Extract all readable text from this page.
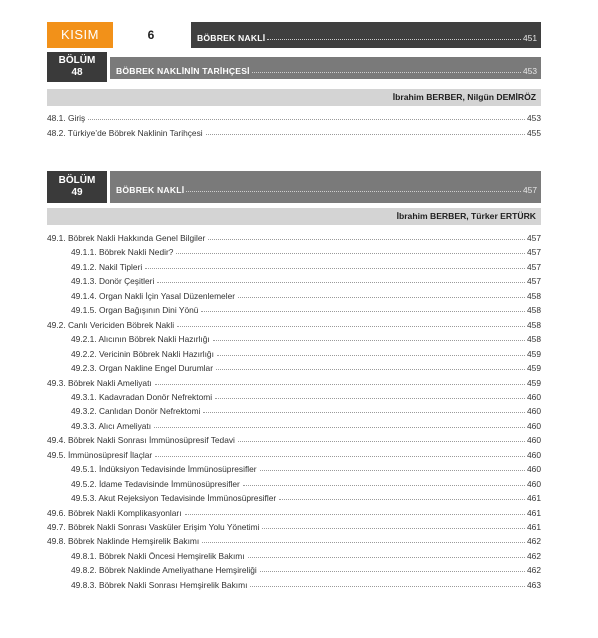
KISIM	6	BÖBREK NAKLİ	451
BÖLÜM
48	BÖBREK NAKLİNİN TARİHÇESİ	453
İbrahim BERBER, Nilgün DEMİRÖZ
48.1. Giriş	453
48.2. Türkiye’de Böbrek Naklinin Tarihçesi	455
BÖLÜM
49	BÖBREK NAKLİ	457
İbrahim BERBER, Türker ERTÜRK
49.1. Böbrek Nakli Hakkında Genel Bilgiler	457
49.1.1. Böbrek Nakli Nedir?	457
49.1.2. Nakil Tipleri	457
49.1.3. Donör Çeşitleri	457
49.1.4. Organ Nakli İçin Yasal Düzenlemeler	458
49.1.5. Organ Bağışının Dini Yönü	458
49.2. Canlı Vericiden Böbrek Nakli	458
49.2.1. Alıcının Böbrek Nakli Hazırlığı	458
49.2.2. Vericinin Böbrek Nakli Hazırlığı	459
49.2.3. Organ Nakline Engel Durumlar	459
49.3. Böbrek Nakli Ameliyatı	459
49.3.1. Kadavradan Donör Nefrektomi	460
49.3.2. Canlıdan Donör Nefrektomi	460
49.3.3. Alıcı Ameliyatı	460
49.4. Böbrek Nakli Sonrası İmmünosüpresif Tedavi	460
49.5. İmmünosüpresif İlaçlar	460
49.5.1. İndüksiyon Tedavisinde İmmünosüpresifler	460
49.5.2. İdame Tedavisinde İmmünosüpresifler	460
49.5.3. Akut Rejeksiyon Tedavisinde İmmünosüpresifler	461
49.6. Böbrek Nakli Komplikasyonları	461
49.7. Böbrek Nakli Sonrası Vasküler Erişim Yolu Yönetimi	461
49.8. Böbrek Naklinde Hemşirelik Bakımı	462
49.8.1. Böbrek Nakli Öncesi Hemşirelik Bakımı	462
49.8.2. Böbrek Naklinde Ameliyathane Hemşireliği	462
49.8.3. Böbrek Nakli Sonrası Hemşirelik Bakımı	463
